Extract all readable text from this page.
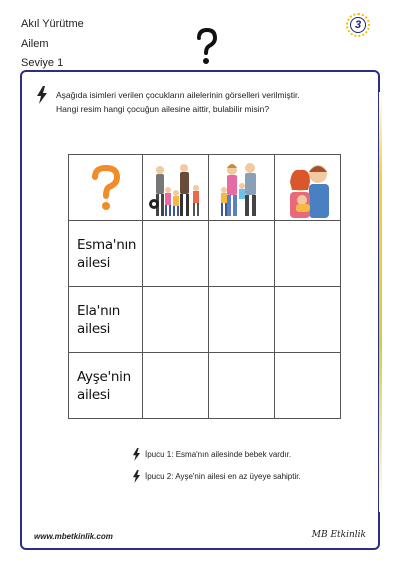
Akıl Yürütme
Ailem
Seviye 1
3
Aşağıda isimleri verilen çocukların ailelerinin görselleri verilmiştir.
Hangi resim hangi çocuğun ailesine aittir, bulabilir misin?

Esma'nın
ailesi			

Ela'nın
ailesi			

Ayşe'nin
ailesi			

İpucu 1: Esma'nın ailesinde bebek vardır.
İpucu 2: Ayşe'nin ailesi en az üyeye sahiptir.
www.mbetkinlik.com	MB Etkinlik
